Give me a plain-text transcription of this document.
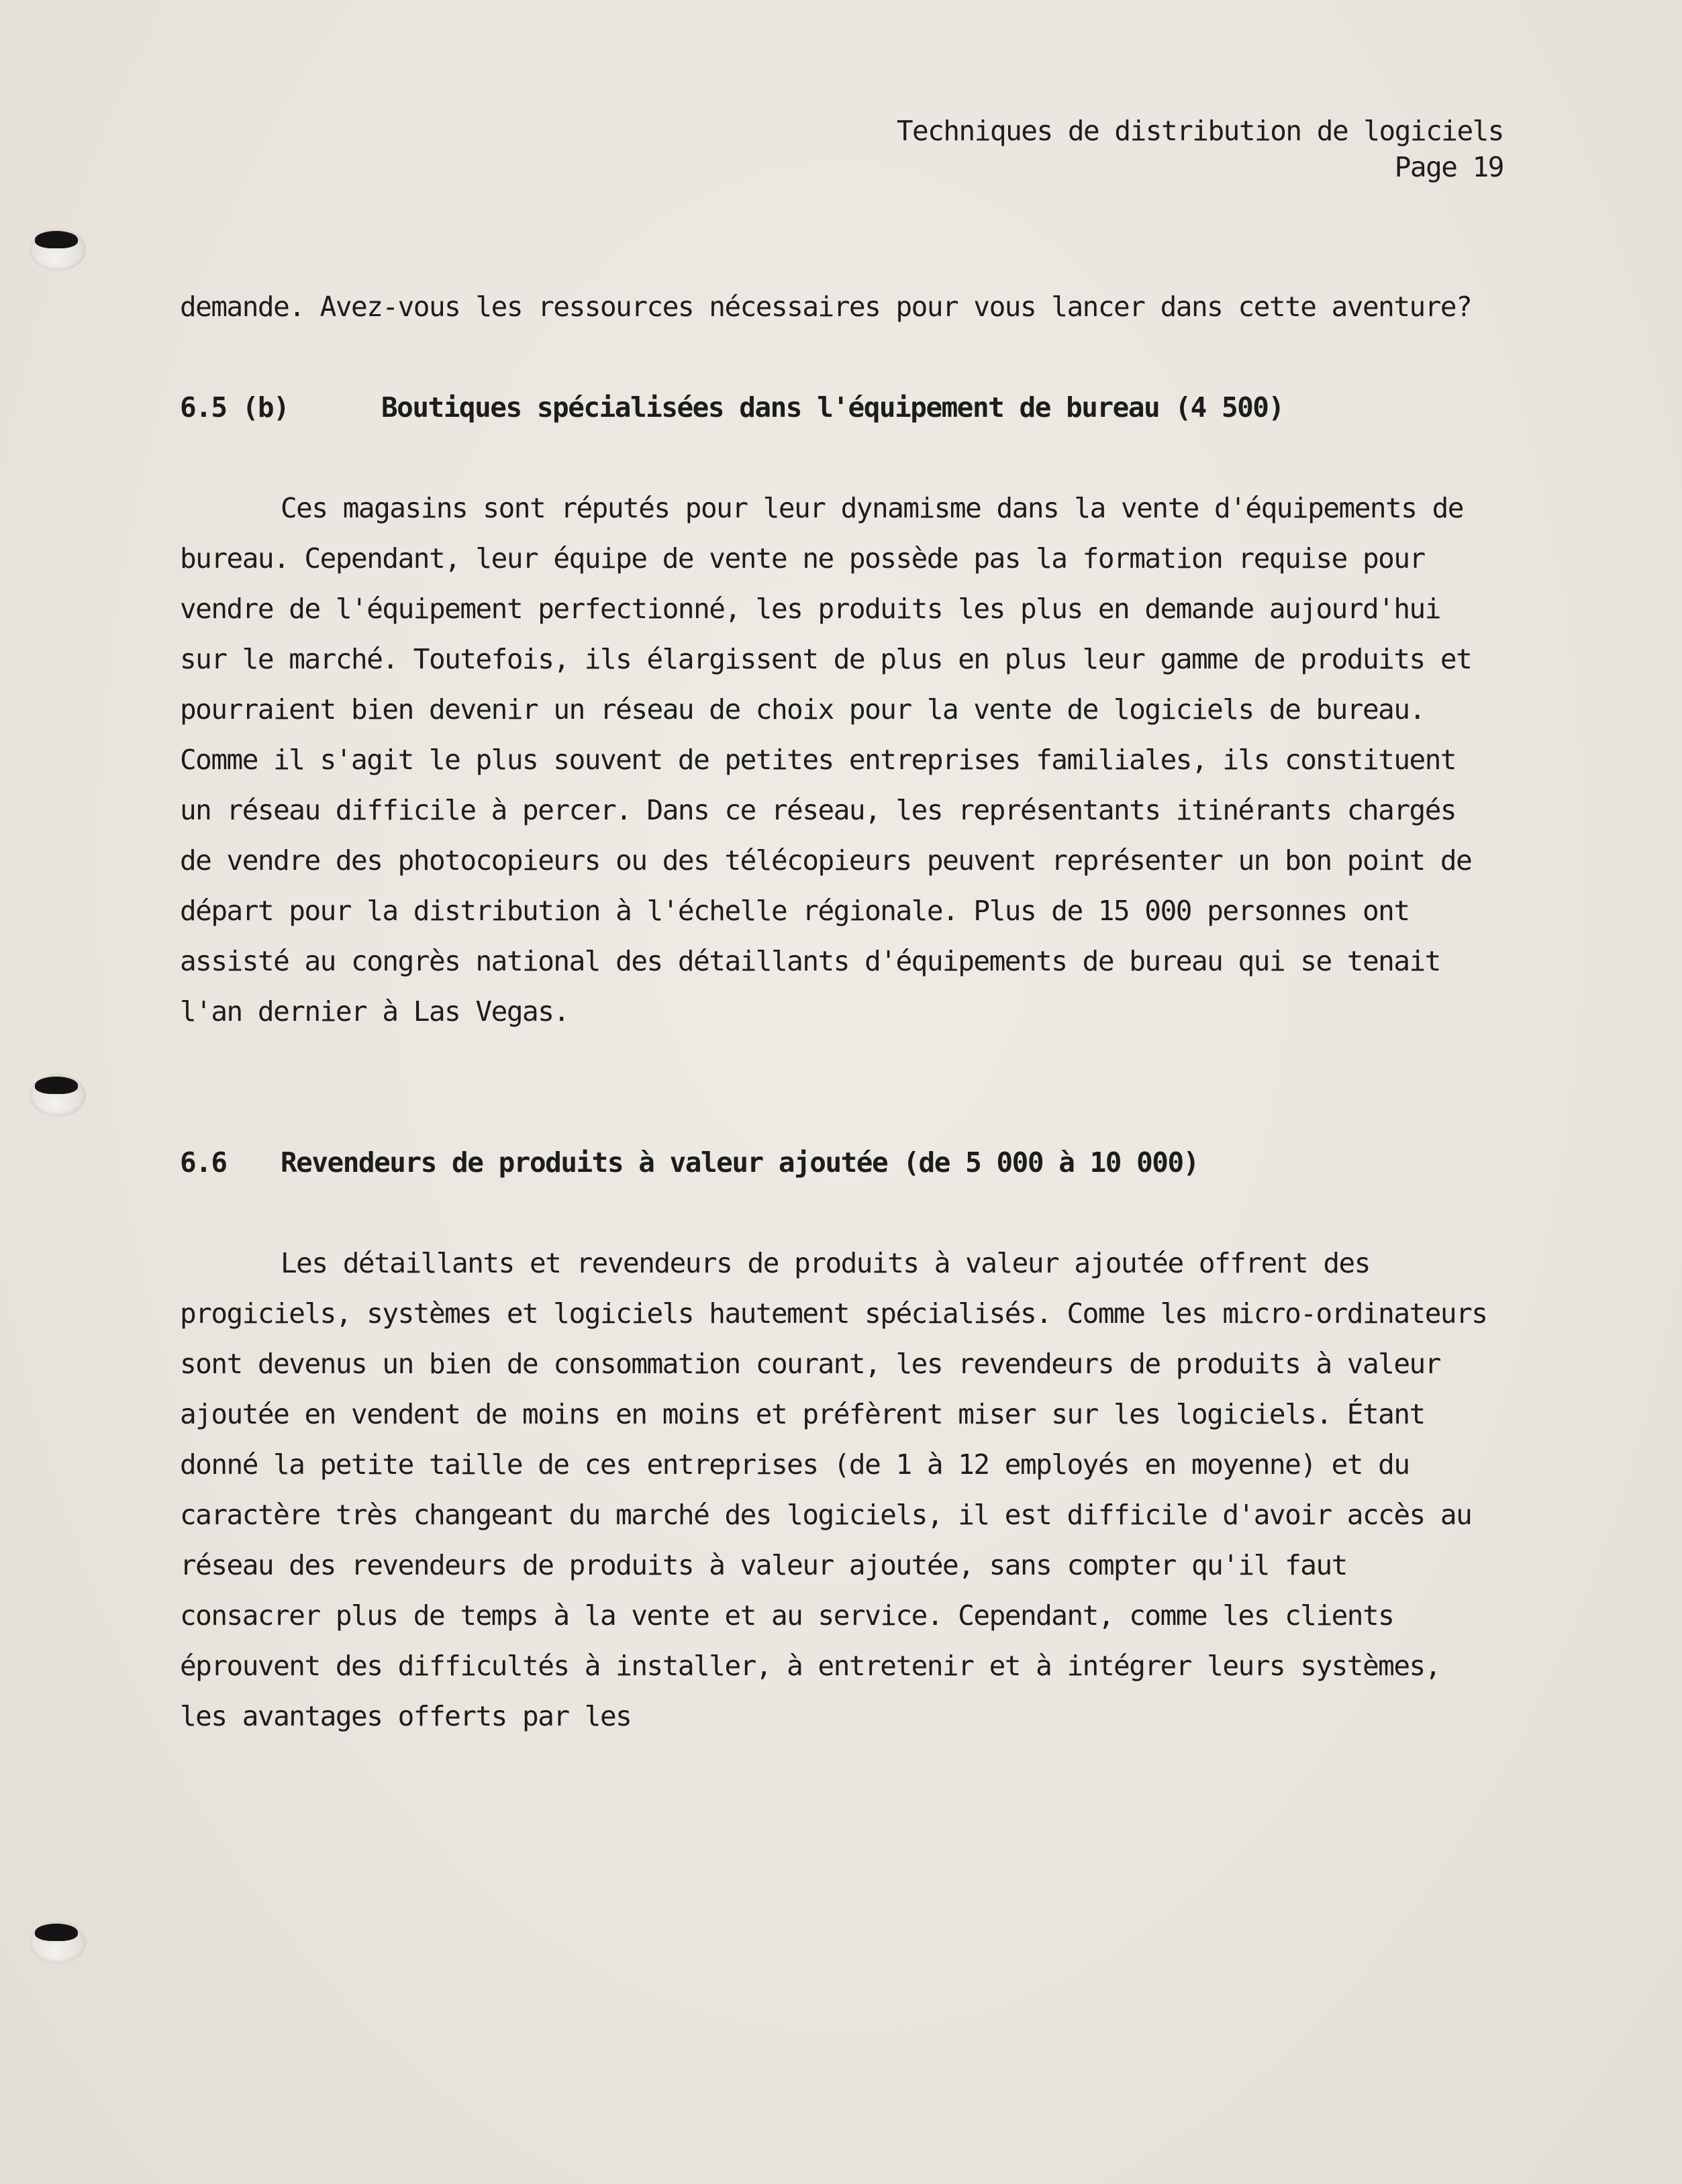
Techniques de distribution de logiciels
Page 19

demande. Avez-vous les ressources nécessaires pour vous lancer dans cette aventure?

6.5 (b)	Boutiques spécialisées dans l'équipement de bureau (4 500)

Ces magasins sont réputés pour leur dynamisme dans la vente d'équipements de bureau. Cependant, leur équipe de vente ne possède pas la formation requise pour vendre de l'équipement perfectionné, les produits les plus en demande aujourd'hui sur le marché. Toutefois, ils élargissent de plus en plus leur gamme de produits et pourraient bien devenir un réseau de choix pour la vente de logiciels de bureau. Comme il s'agit le plus souvent de petites entreprises familiales, ils constituent un réseau difficile à percer. Dans ce réseau, les représentants itinérants chargés de vendre des photocopieurs ou des télécopieurs peuvent représenter un bon point de départ pour la distribution à l'échelle régionale. Plus de 15 000 personnes ont assisté au congrès national des détaillants d'équipements de bureau qui se tenait l'an dernier à Las Vegas.

6.6 Revendeurs de produits à valeur ajoutée (de 5 000 à 10 000)

Les détaillants et revendeurs de produits à valeur ajoutée offrent des progiciels, systèmes et logiciels hautement spécialisés. Comme les micro-ordinateurs sont devenus un bien de consommation courant, les revendeurs de produits à valeur ajoutée en vendent de moins en moins et préfèrent miser sur les logiciels. Étant donné la petite taille de ces entreprises (de 1 à 12 employés en moyenne) et du caractère très changeant du marché des logiciels, il est difficile d'avoir accès au réseau des revendeurs de produits à valeur ajoutée, sans compter qu'il faut consacrer plus de temps à la vente et au service. Cependant, comme les clients éprouvent des difficultés à installer, à entretenir et à intégrer leurs systèmes, les avantages offerts par les
